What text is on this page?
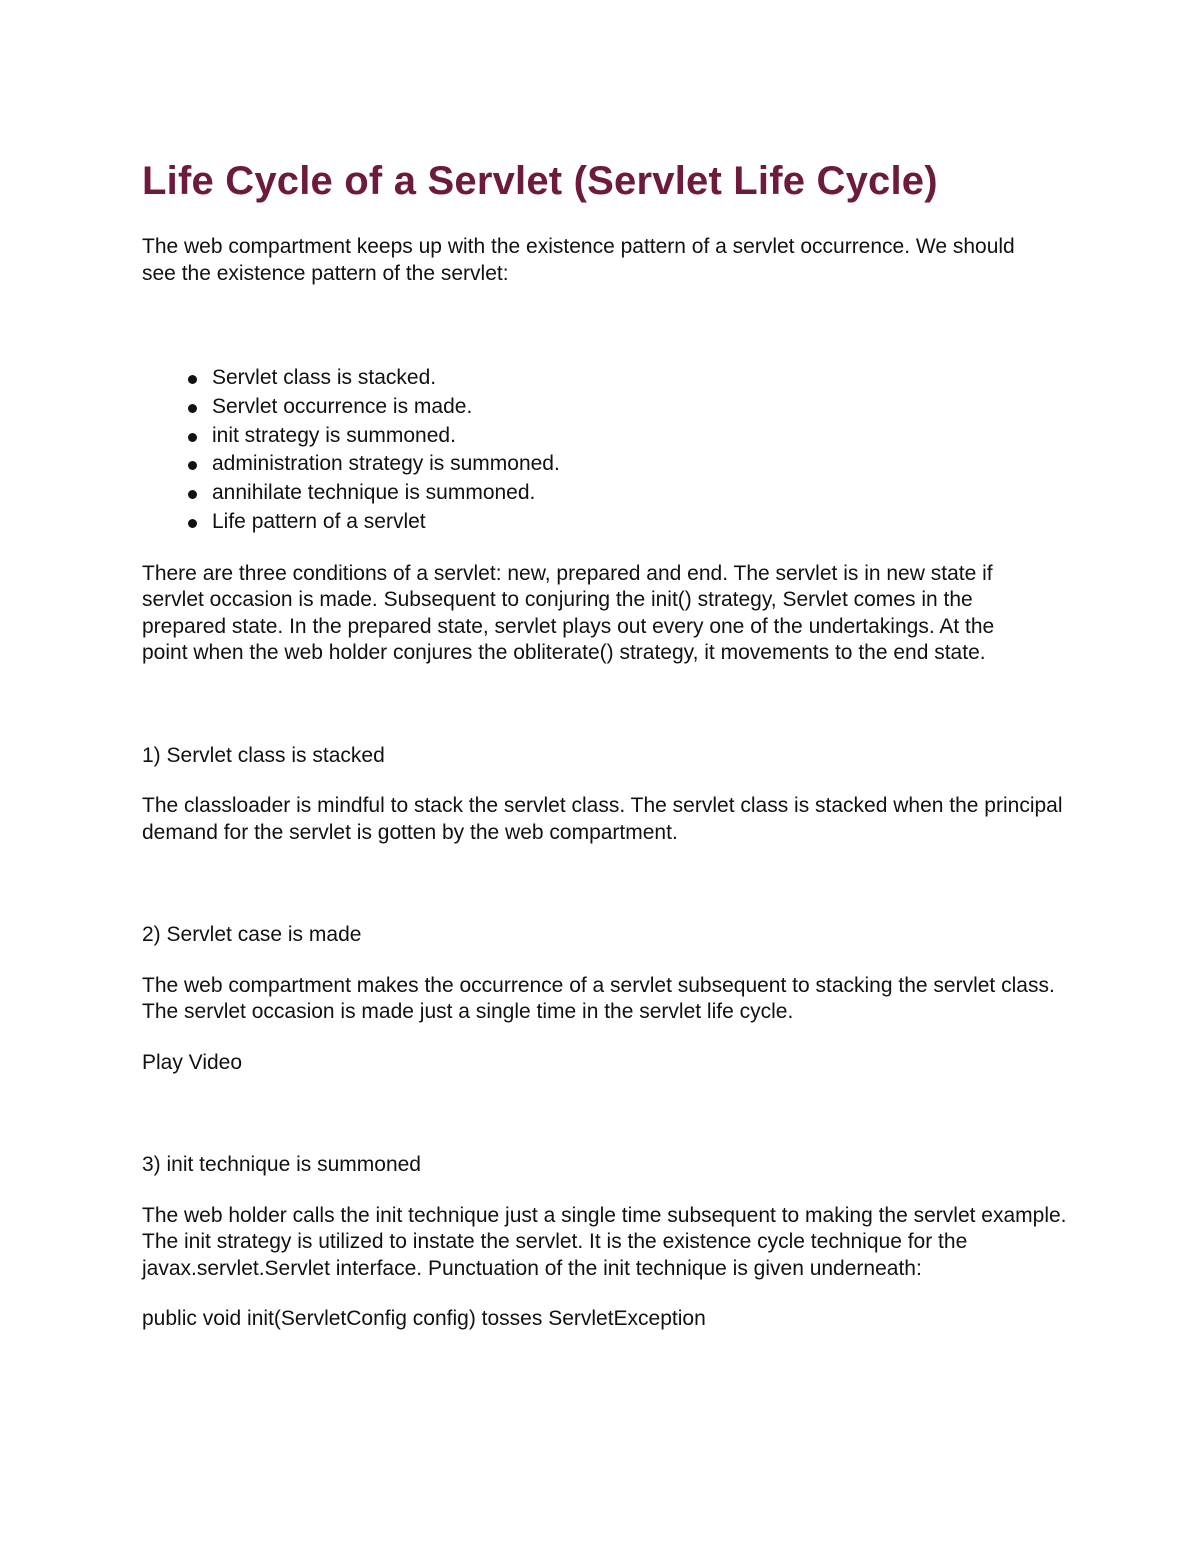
Life Cycle of a Servlet (Servlet Life Cycle)

The web compartment keeps up with the existence pattern of a servlet occurrence. We should see the existence pattern of the servlet:

Servlet class is stacked.
Servlet occurrence is made.
init strategy is summoned.
administration strategy is summoned.
annihilate technique is summoned.
Life pattern of a servlet

There are three conditions of a servlet: new, prepared and end. The servlet is in new state if servlet occasion is made. Subsequent to conjuring the init() strategy, Servlet comes in the prepared state. In the prepared state, servlet plays out every one of the undertakings. At the point when the web holder conjures the obliterate() strategy, it movements to the end state.

1) Servlet class is stacked

The classloader is mindful to stack the servlet class. The servlet class is stacked when the principal demand for the servlet is gotten by the web compartment.

2) Servlet case is made

The web compartment makes the occurrence of a servlet subsequent to stacking the servlet class. The servlet occasion is made just a single time in the servlet life cycle.

Play Video

3) init technique is summoned

The web holder calls the init technique just a single time subsequent to making the servlet example. The init strategy is utilized to instate the servlet. It is the existence cycle technique for the javax.servlet.Servlet interface. Punctuation of the init technique is given underneath:

public void init(ServletConfig config) tosses ServletException
